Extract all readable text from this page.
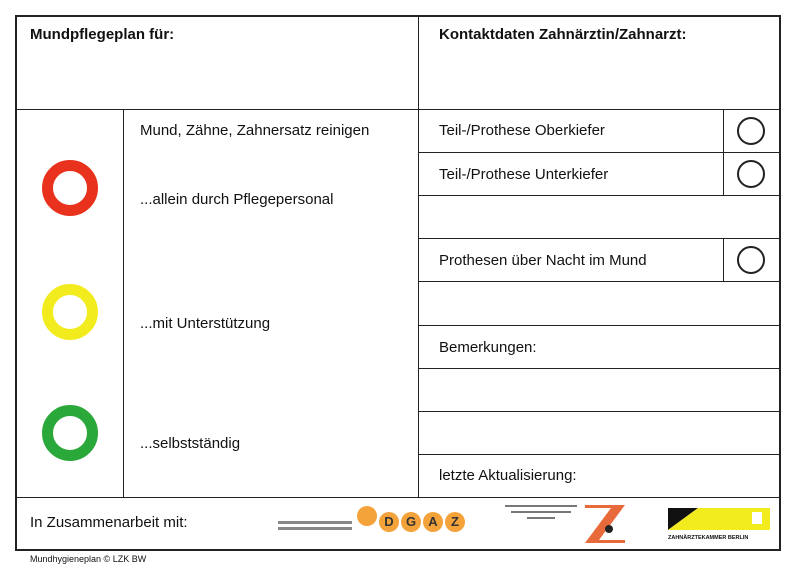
Mundpflegeplan für:	Kontaktdaten Zahnärztin/Zahnarzt:
Mund, Zähne, Zahnersatz reinigen
...allein durch Pflegepersonal
...mit Unterstützung
...selbstständig
Teil-/Prothese Oberkiefer
Teil-/Prothese Unterkiefer
Prothesen über Nacht im Mund
Bemerkungen:
letzte Aktualisierung:
In Zusammenarbeit mit:	D G A Z
ZAHNÄRZTEKAMMER BERLIN
Mundhygieneplan © LZK BW
